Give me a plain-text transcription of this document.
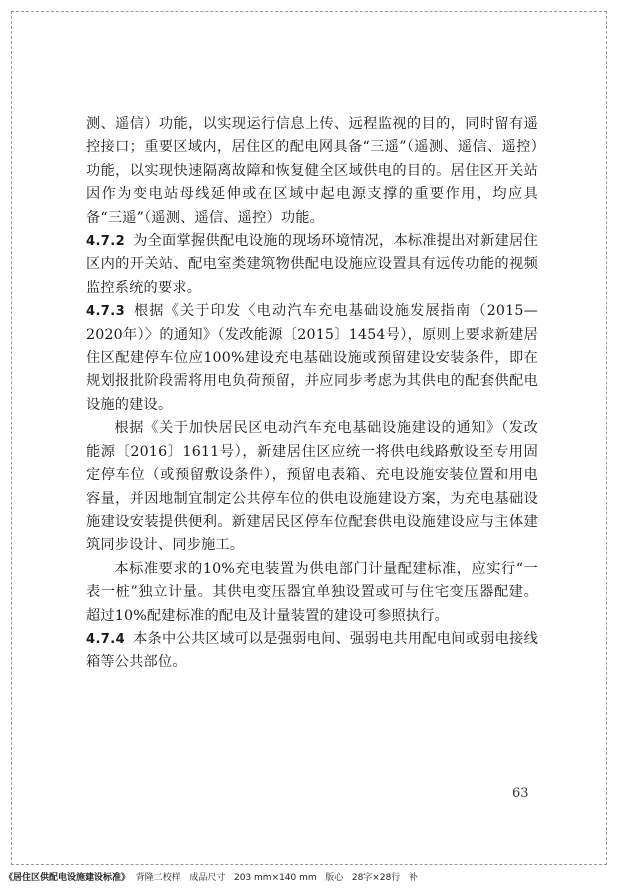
测、遥信）功能，以实现运行信息上传、远程监视的目的，同时留有遥控接口；重要区域内，居住区的配电网具备“三遥”（遥测、遥信、遥控）功能，以实现快速隔离故障和恢复健全区域供电的目的。居住区开关站因作为变电站母线延伸或在区域中起电源支撑的重要作用，均应具备“三遥”（遥测、遥信、遥控）功能。

4.7.2 为全面掌握供配电设施的现场环境情况，本标准提出对新建居住区内的开关站、配电室类建筑物供配电设施应设置具有远传功能的视频监控系统的要求。

4.7.3 根据《关于印发〈电动汽车充电基础设施发展指南（2015—2020年）〉的通知》（发改能源〔2015〕1454号），原则上要求新建居住区配建停车位应100%建设充电基础设施或预留建设安装条件，即在规划报批阶段需将用电负荷预留，并应同步考虑为其供电的配套供配电设施的建设。

根据《关于加快居民区电动汽车充电基础设施建设的通知》（发改能源〔2016〕1611号），新建居住区应统一将供电线路敷设至专用固定停车位（或预留敷设条件），预留电表箱、充电设施安装位置和用电容量，并因地制宜制定公共停车位的供电设施建设方案，为充电基础设施建设安装提供便利。新建居民区停车位配套供电设施建设应与主体建筑同步设计、同步施工。

本标准要求的10%充电装置为供电部门计量配建标准，应实行“一表一桩”独立计量。其供电变压器宜单独设置或可与住宅变压器配建。超过10%配建标准的配电及计量装置的建设可参照执行。

4.7.4 本条中公共区域可以是强弱电间、强弱电共用配电间或弱电接线箱等公共部位。

63
《居住区供配电设施建设标准》 背隆二校样 成品尺寸 203 mm×140 mm 版心 28字×28行 补
